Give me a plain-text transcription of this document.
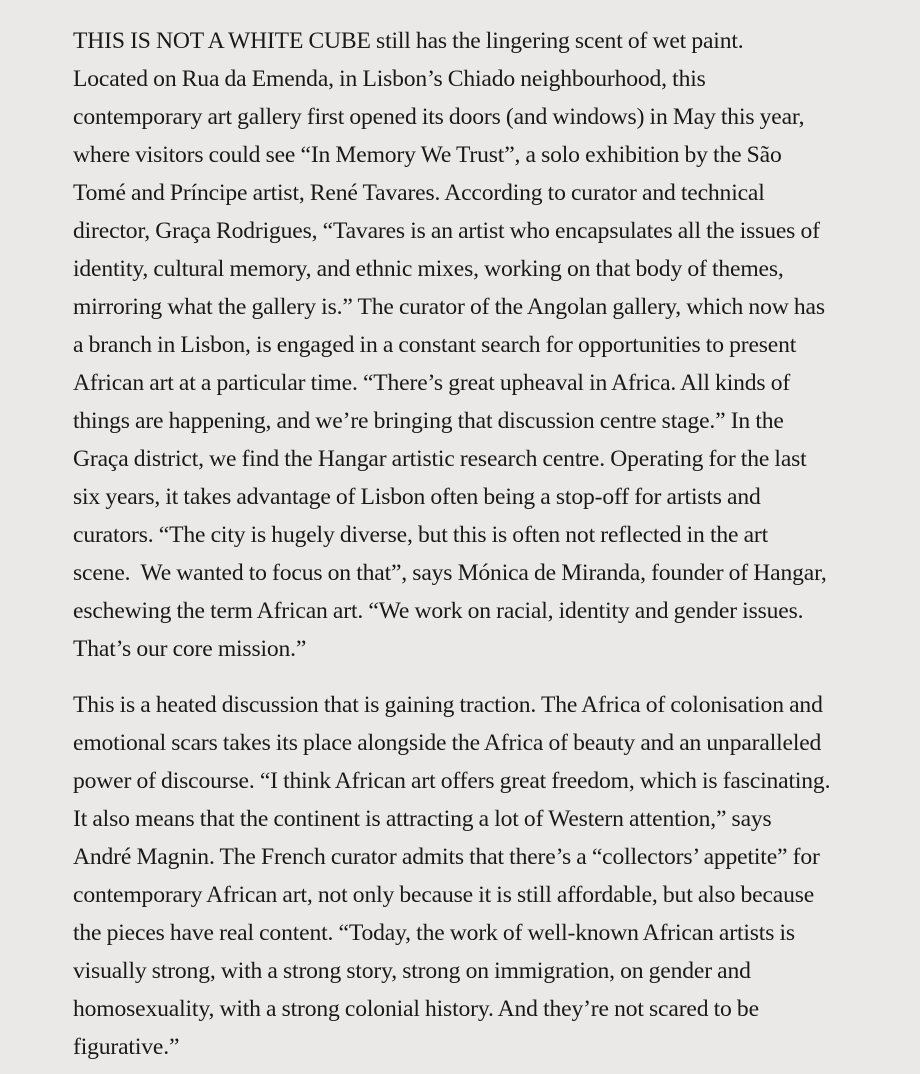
THIS IS NOT A WHITE CUBE still has the lingering scent of wet paint.
Located on Rua da Emenda, in Lisbon’s Chiado neighbourhood, this
contemporary art gallery first opened its doors (and windows) in May this year,
where visitors could see “In Memory We Trust”, a solo exhibition by the São
Tomé and Príncipe artist, René Tavares. According to curator and technical
director, Graça Rodrigues, “Tavares is an artist who encapsulates all the issues of
identity, cultural memory, and ethnic mixes, working on that body of themes,
mirroring what the gallery is.” The curator of the Angolan gallery, which now has
a branch in Lisbon, is engaged in a constant search for opportunities to present
African art at a particular time. “There’s great upheaval in Africa. All kinds of
things are happening, and we’re bringing that discussion centre stage.” In the
Graça district, we find the Hangar artistic research centre. Operating for the last
six years, it takes advantage of Lisbon often being a stop-off for artists and
curators. “The city is hugely diverse, but this is often not reflected in the art
scene.  We wanted to focus on that”, says Mónica de Miranda, founder of Hangar,
eschewing the term African art. “We work on racial, identity and gender issues.
That’s our core mission.”

This is a heated discussion that is gaining traction. The Africa of colonisation and
emotional scars takes its place alongside the Africa of beauty and an unparalleled
power of discourse. “I think African art offers great freedom, which is fascinating.
It also means that the continent is attracting a lot of Western attention,” says
André Magnin. The French curator admits that there’s a “collectors’ appetite” for
contemporary African art, not only because it is still affordable, but also because
the pieces have real content. “Today, the work of well-known African artists is
visually strong, with a strong story, strong on immigration, on gender and
homosexuality, with a strong colonial history. And they’re not scared to be
figurative.”
